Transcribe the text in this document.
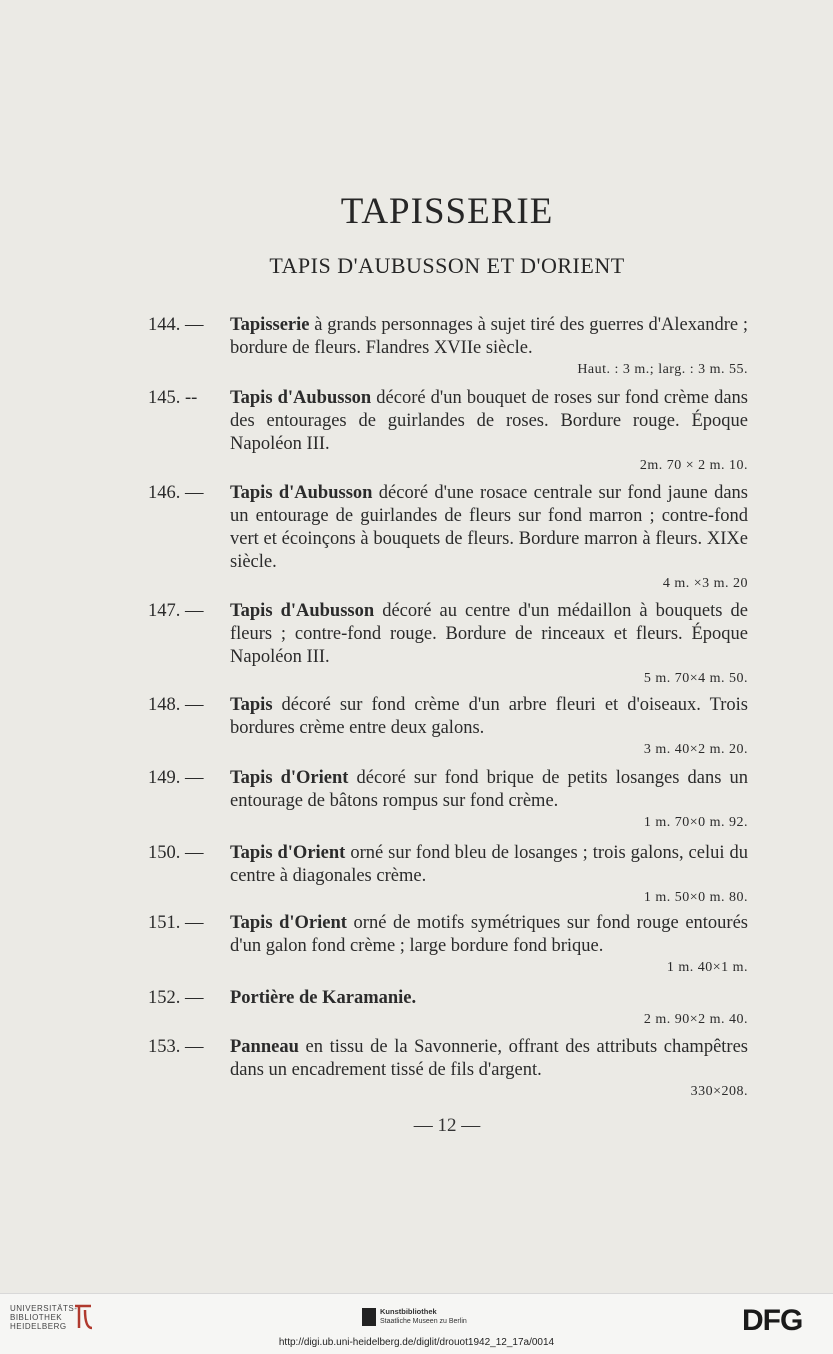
TAPISSERIE
TAPIS D'AUBUSSON ET D'ORIENT
144. —	Tapisserie à grands personnages à sujet tiré des guerres d'Alexandre ; bordure de fleurs. Flandres XVIIe siècle.
Haut. : 3 m.; larg. : 3 m. 55.
145. --	Tapis d'Aubusson décoré d'un bouquet de roses sur fond crème dans des entourages de guirlandes de roses. Bordure rouge. Époque Napoléon III.
2m. 70 × 2 m. 10.
146. —	Tapis d'Aubusson décoré d'une rosace centrale sur fond jaune dans un entourage de guirlandes de fleurs sur fond marron ; contre-fond vert et écoinçons à bouquets de fleurs. Bordure marron à fleurs. XIXe siècle.
4 m. ×3 m. 20
147. —	Tapis d'Aubusson décoré au centre d'un médaillon à bouquets de fleurs ; contre-fond rouge. Bordure de rinceaux et fleurs. Époque Napoléon III.
5 m. 70×4 m. 50.
148. —	Tapis décoré sur fond crème d'un arbre fleuri et d'oiseaux. Trois bordures crème entre deux galons.
3 m. 40×2 m. 20.
149. —	Tapis d'Orient décoré sur fond brique de petits losanges dans un entourage de bâtons rompus sur fond crème.
1 m. 70×0 m. 92.
150. —	Tapis d'Orient orné sur fond bleu de losanges ; trois galons, celui du centre à diagonales crème.
1 m. 50×0 m. 80.
151. —	Tapis d'Orient orné de motifs symétriques sur fond rouge entourés d'un galon fond crème ; large bordure fond brique.
1 m. 40×1 m.
152. —	Portière de Karamanie.
2 m. 90×2 m. 40.
153. —	Panneau en tissu de la Savonnerie, offrant des attributs champêtres dans un encadrement tissé de fils d'argent.
330×208.
— 12 —
UNIVERSITÄTS-
BIBLIOTHEK
HEIDELBERG
Kunstbibliothek
Staatliche Museen zu Berlin	DFG
http://digi.ub.uni-heidelberg.de/diglit/drouot1942_12_17a/0014
